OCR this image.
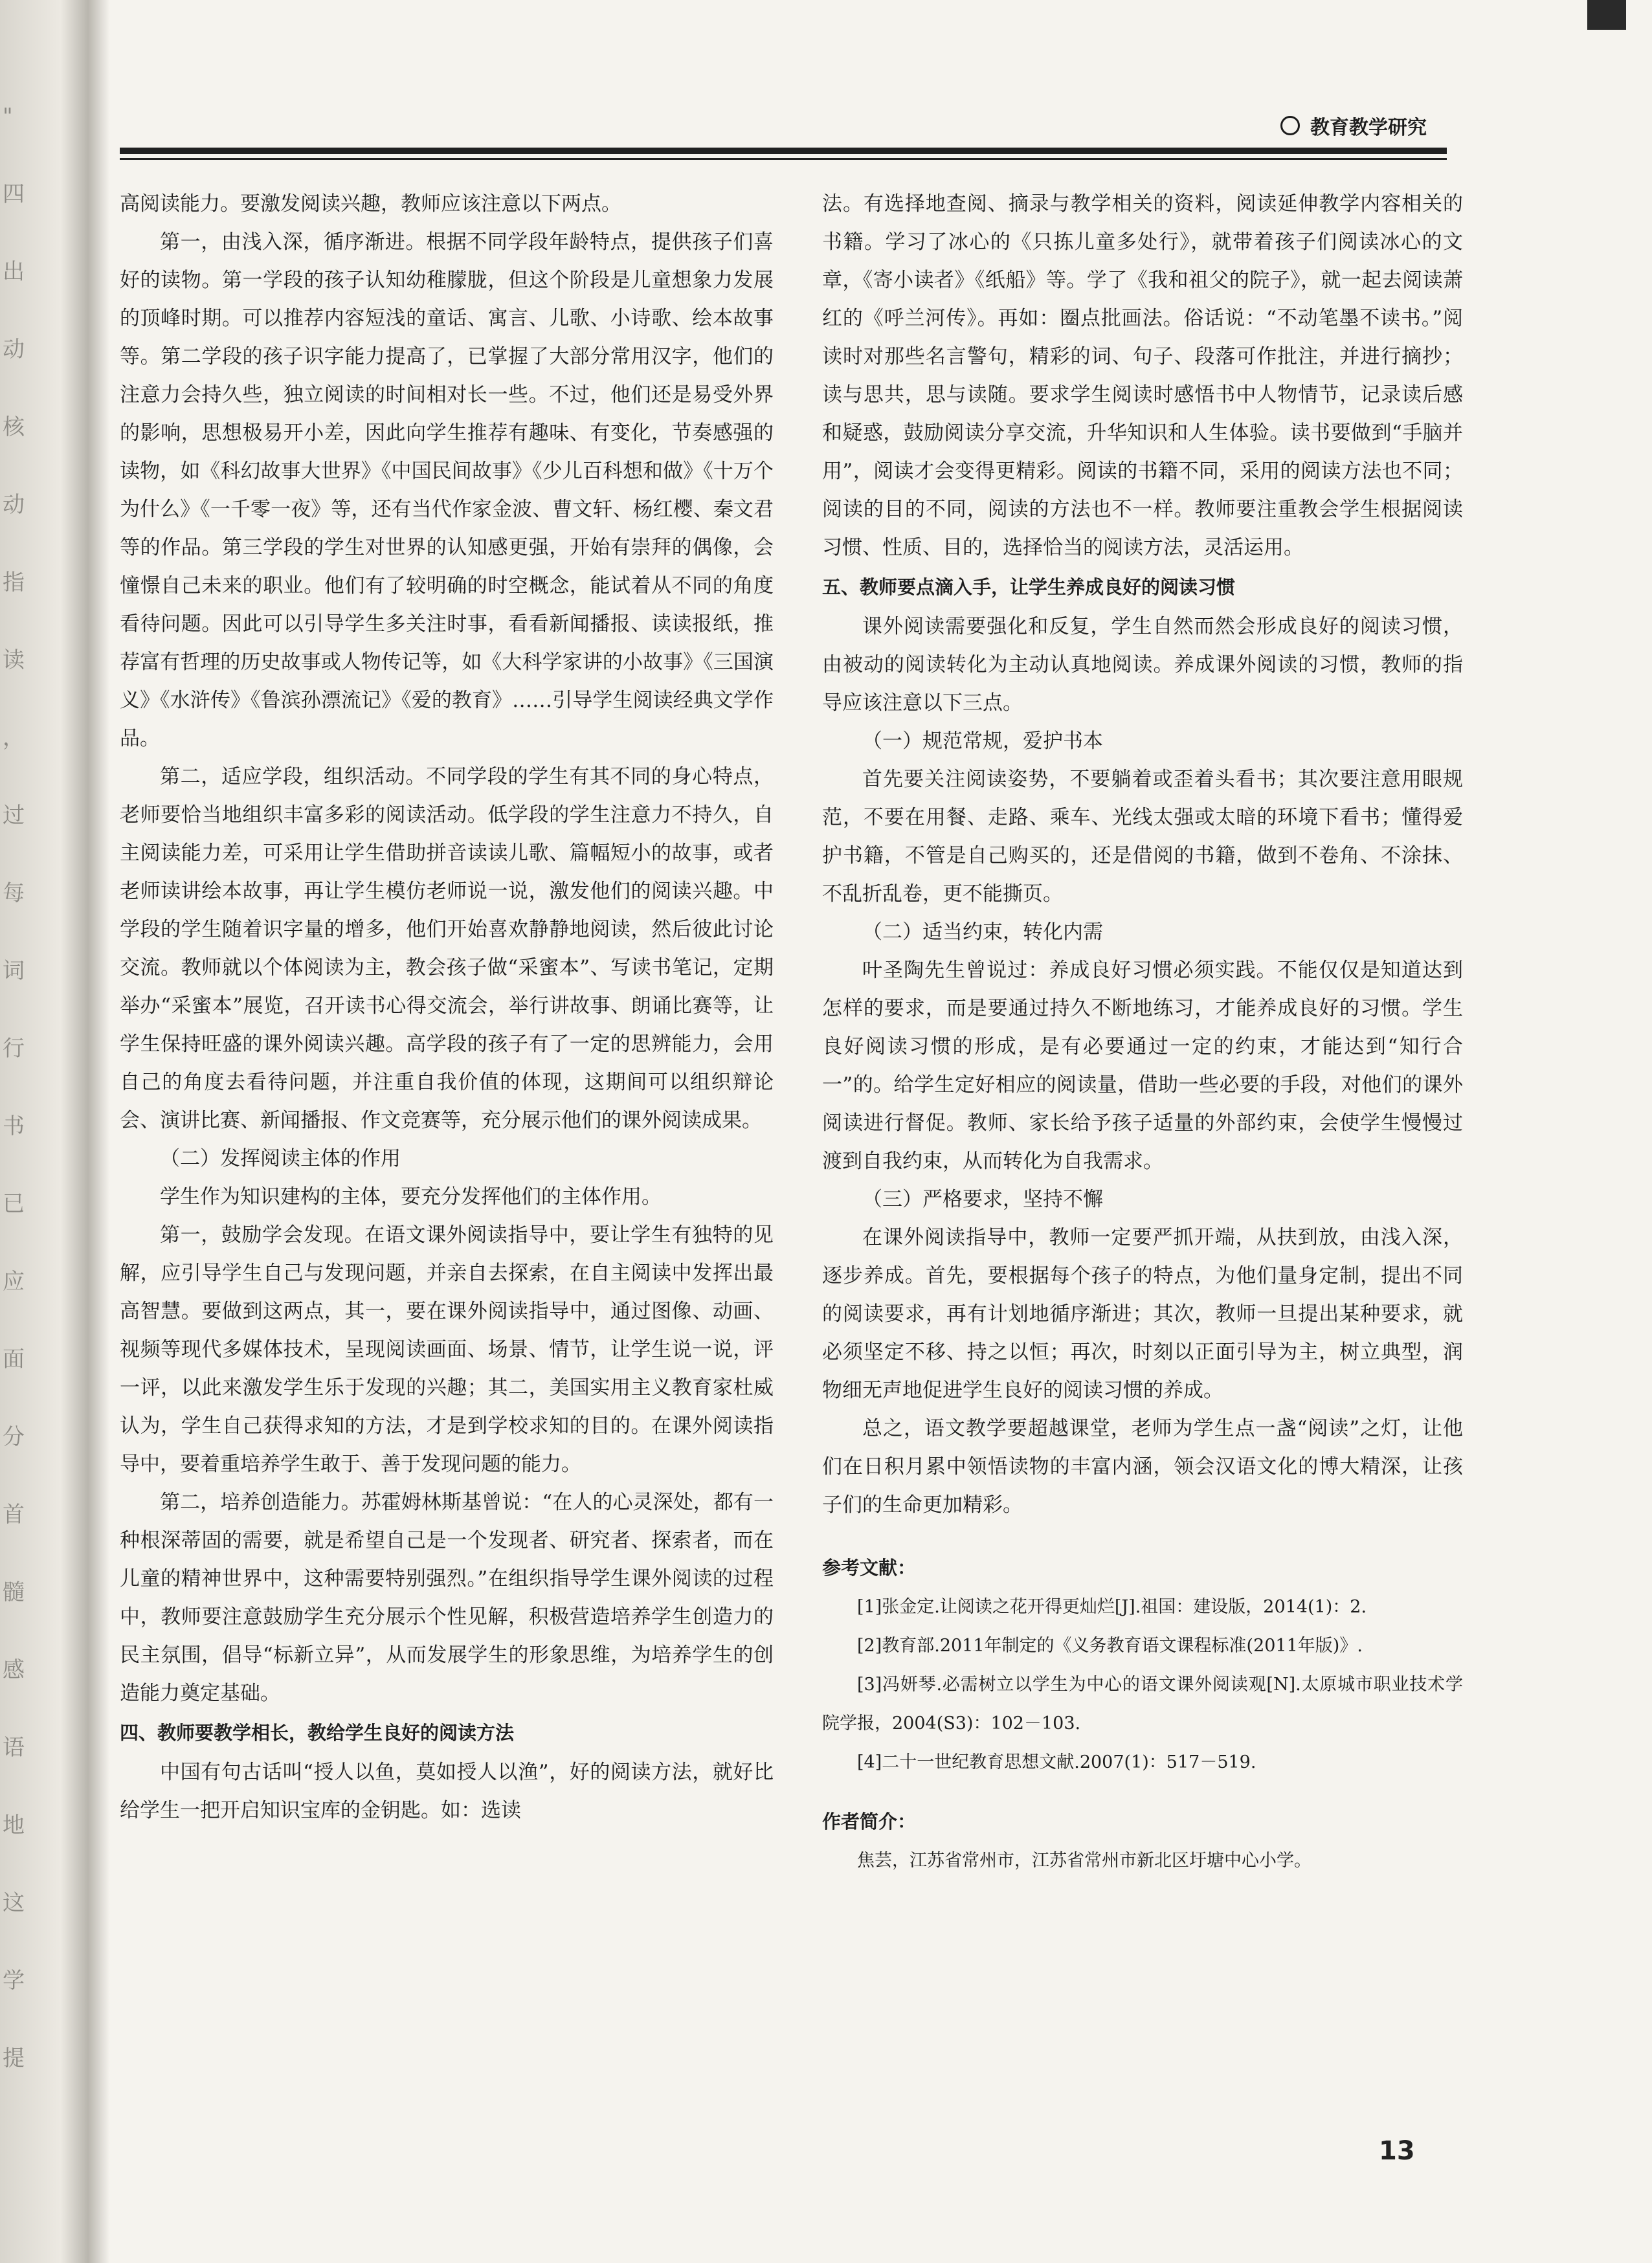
"
四
出
动
核
动
指
读
，
过
每
词
行
书
已
应
面
分
首
髓
感
语
地
这
学
提
教育教学研究

高阅读能力。要激发阅读兴趣，教师应该注意以下两点。

第一，由浅入深，循序渐进。根据不同学段年龄特点，提供孩子们喜好的读物。第一学段的孩子认知幼稚朦胧，但这个阶段是儿童想象力发展的顶峰时期。可以推荐内容短浅的童话、寓言、儿歌、小诗歌、绘本故事等。第二学段的孩子识字能力提高了，已掌握了大部分常用汉字，他们的注意力会持久些，独立阅读的时间相对长一些。不过，他们还是易受外界的影响，思想极易开小差，因此向学生推荐有趣味、有变化，节奏感强的读物，如《科幻故事大世界》《中国民间故事》《少儿百科想和做》《十万个为什么》《一千零一夜》等，还有当代作家金波、曹文轩、杨红樱、秦文君等的作品。第三学段的学生对世界的认知感更强，开始有崇拜的偶像，会憧憬自己未来的职业。他们有了较明确的时空概念，能试着从不同的角度看待问题。因此可以引导学生多关注时事，看看新闻播报、读读报纸，推荐富有哲理的历史故事或人物传记等，如《大科学家讲的小故事》《三国演义》《水浒传》《鲁滨孙漂流记》《爱的教育》……引导学生阅读经典文学作品。

第二，适应学段，组织活动。不同学段的学生有其不同的身心特点，老师要恰当地组织丰富多彩的阅读活动。低学段的学生注意力不持久，自主阅读能力差，可采用让学生借助拼音读读儿歌、篇幅短小的故事，或者老师读讲绘本故事，再让学生模仿老师说一说，激发他们的阅读兴趣。中学段的学生随着识字量的增多，他们开始喜欢静静地阅读，然后彼此讨论交流。教师就以个体阅读为主，教会孩子做“采蜜本”、写读书笔记，定期举办“采蜜本”展览，召开读书心得交流会，举行讲故事、朗诵比赛等，让学生保持旺盛的课外阅读兴趣。高学段的孩子有了一定的思辨能力，会用自己的角度去看待问题，并注重自我价值的体现，这期间可以组织辩论会、演讲比赛、新闻播报、作文竞赛等，充分展示他们的课外阅读成果。

（二）发挥阅读主体的作用

学生作为知识建构的主体，要充分发挥他们的主体作用。

第一，鼓励学会发现。在语文课外阅读指导中，要让学生有独特的见解，应引导学生自己与发现问题，并亲自去探索，在自主阅读中发挥出最高智慧。要做到这两点，其一，要在课外阅读指导中，通过图像、动画、视频等现代多媒体技术，呈现阅读画面、场景、情节，让学生说一说，评一评，以此来激发学生乐于发现的兴趣；其二，美国实用主义教育家杜威认为，学生自己获得求知的方法，才是到学校求知的目的。在课外阅读指导中，要着重培养学生敢于、善于发现问题的能力。

第二，培养创造能力。苏霍姆林斯基曾说：“在人的心灵深处，都有一种根深蒂固的需要，就是希望自己是一个发现者、研究者、探索者，而在儿童的精神世界中，这种需要特别强烈。”在组织指导学生课外阅读的过程中，教师要注意鼓励学生充分展示个性见解，积极营造培养学生创造力的民主氛围，倡导“标新立异”，从而发展学生的形象思维，为培养学生的创造能力奠定基础。

四、教师要教学相长，教给学生良好的阅读方法

中国有句古话叫“授人以鱼，莫如授人以渔”，好的阅读方法，就好比给学生一把开启知识宝库的金钥匙。如：选读

法。有选择地查阅、摘录与教学相关的资料，阅读延伸教学内容相关的书籍。学习了冰心的《只拣儿童多处行》，就带着孩子们阅读冰心的文章，《寄小读者》《纸船》等。学了《我和祖父的院子》，就一起去阅读萧红的《呼兰河传》。再如：圈点批画法。俗话说：“不动笔墨不读书。”阅读时对那些名言警句，精彩的词、句子、段落可作批注，并进行摘抄；读与思共，思与读随。要求学生阅读时感悟书中人物情节，记录读后感和疑惑，鼓励阅读分享交流，升华知识和人生体验。读书要做到“手脑并用”，阅读才会变得更精彩。阅读的书籍不同，采用的阅读方法也不同；阅读的目的不同，阅读的方法也不一样。教师要注重教会学生根据阅读习惯、性质、目的，选择恰当的阅读方法，灵活运用。

五、教师要点滴入手，让学生养成良好的阅读习惯

课外阅读需要强化和反复，学生自然而然会形成良好的阅读习惯，由被动的阅读转化为主动认真地阅读。养成课外阅读的习惯，教师的指导应该注意以下三点。

（一）规范常规，爱护书本

首先要关注阅读姿势，不要躺着或歪着头看书；其次要注意用眼规范，不要在用餐、走路、乘车、光线太强或太暗的环境下看书；懂得爱护书籍，不管是自己购买的，还是借阅的书籍，做到不卷角、不涂抹、不乱折乱卷，更不能撕页。

（二）适当约束，转化内需

叶圣陶先生曾说过：养成良好习惯必须实践。不能仅仅是知道达到怎样的要求，而是要通过持久不断地练习，才能养成良好的习惯。学生良好阅读习惯的形成，是有必要通过一定的约束，才能达到“知行合一”的。给学生定好相应的阅读量，借助一些必要的手段，对他们的课外阅读进行督促。教师、家长给予孩子适量的外部约束，会使学生慢慢过渡到自我约束，从而转化为自我需求。

（三）严格要求，坚持不懈

在课外阅读指导中，教师一定要严抓开端，从扶到放，由浅入深，逐步养成。首先，要根据每个孩子的特点，为他们量身定制，提出不同的阅读要求，再有计划地循序渐进；其次，教师一旦提出某种要求，就必须坚定不移、持之以恒；再次，时刻以正面引导为主，树立典型，润物细无声地促进学生良好的阅读习惯的养成。

总之，语文教学要超越课堂，老师为学生点一盏“阅读”之灯，让他们在日积月累中领悟读物的丰富内涵，领会汉语文化的博大精深，让孩子们的生命更加精彩。

参考文献：

[1]张金定.让阅读之花开得更灿烂[J].祖国：建设版，2014(1)：2.

[2]教育部.2011年制定的《义务教育语文课程标准(2011年版)》.

[3]冯妍琴.必需树立以学生为中心的语文课外阅读观[N].太原城市职业技术学院学报，2004(S3)：102－103.

[4]二十一世纪教育思想文献.2007(1)：517－519.

作者简介：

焦芸，江苏省常州市，江苏省常州市新北区圩塘中心小学。

13
